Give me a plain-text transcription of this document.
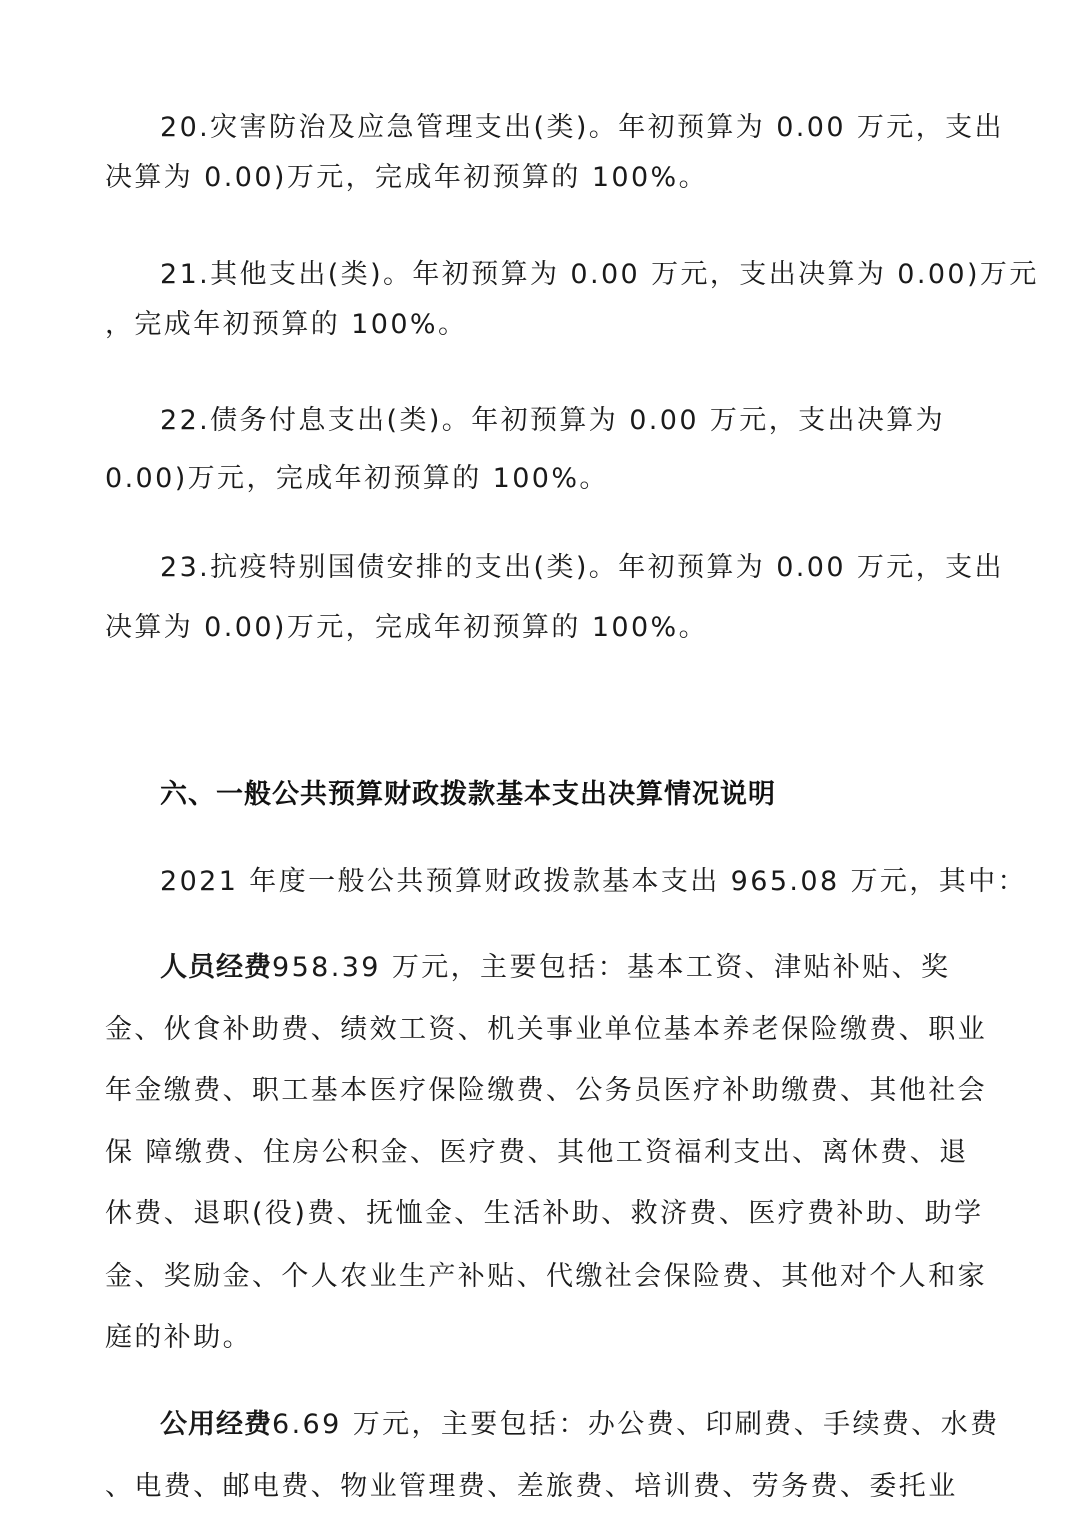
20.灾害防治及应急管理支出(类)。年初预算为 0.00 万元，支出
决算为 0.00)万元，完成年初预算的 100%。
21.其他支出(类)。年初预算为 0.00 万元，支出决算为 0.00)万元
，完成年初预算的 100%。
22.债务付息支出(类)。年初预算为 0.00 万元，支出决算为
0.00)万元，完成年初预算的 100%。
23.抗疫特别国债安排的支出(类)。年初预算为 0.00 万元，支出
决算为 0.00)万元，完成年初预算的 100%。
六、一般公共预算财政拨款基本支出决算情况说明
2021 年度一般公共预算财政拨款基本支出 965.08 万元，其中：
人员经费958.39 万元，主要包括：基本工资、津贴补贴、奖
金、伙食补助费、绩效工资、机关事业单位基本养老保险缴费、职业
年金缴费、职工基本医疗保险缴费、公务员医疗补助缴费、其他社会
保 障缴费、住房公积金、医疗费、其他工资福利支出、离休费、退
休费、退职(役)费、抚恤金、生活补助、救济费、医疗费补助、助学
金、奖励金、个人农业生产补贴、代缴社会保险费、其他对个人和家
庭的补助。
公用经费6.69 万元，主要包括：办公费、印刷费、手续费、水费
、电费、邮电费、物业管理费、差旅费、培训费、劳务费、委托业
